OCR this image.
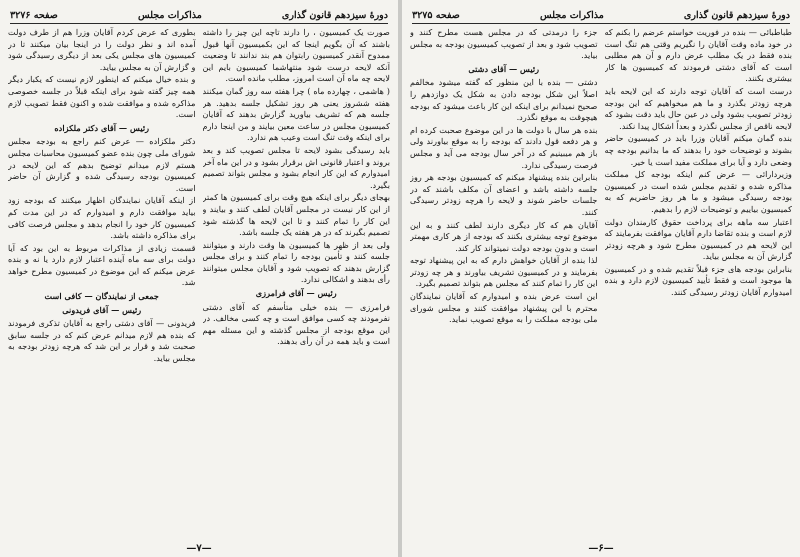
دورهٔ سیزدهم قانون گذاری
مذاکرات مجلس
صفحه ۳۲۷۶

صورت یک کمیسیون ، را دارند تاچه این چیز را داشته باشند که آن بگویم اینجا که این بکمیسیون آنها قبول ممدوح آنقدر کمیسیون رابتوان هم بند ندانند تا وضعیت آنکه لایحه درست شود منتهاشما کمیسیون بایم این لایحه چه ماه آن است امروز، مطلب مانده است.

( هاشمی ، چهارده ماه ) چرا هفته سه روز گمان میکنند هفته ششروز یعنی هر روز تشکیل جلسه بدهید. هر جلسه هم که تشریف بیاورید گزارش بدهند که آقایان کمیسیون مجلس در ساعت معین بیایند و من اینجا دارم برای اینکه وقت تنگ است وعیب هم ندارد.

باید رسیدگی بشود لایحه تا مجلس تصویب کند و بعد بروند و اعتبار قانونی اش برقرار بشود و در این ماه آخر امیدوارم که این کار انجام بشود و مجلس بتواند تصمیم بگیرد.

بهجای دیگر برای اینکه هیچ وقت برای کمیسیون ها کمتر از این کار نیست در مجلس آقایان لطف کنند و بیایند و این کار را تمام کنند و تا این لایحه ها گذشته شود تصمیم بگیرند که در هر هفته یک جلسه باشد.

ولی بعد از ظهر ها کمیسیون ها وقت دارند و میتوانند جلسه کنند و تأمین بودجه را تمام کنند و برای مجلس گزارش بدهند که تصویب شود و آقایان مجلس میتوانند رأی بدهند و اشکالی ندارد.

رئیس — آقای فرامرزی

فرامرزی — بنده خیلی متأسفم که آقای دشتی نفرمودند چه کسی موافق است و چه کسی مخالف. در این موقع بودجه از مجلس گذشته و این مسئله مهم است و باید همه در آن رأی بدهند.

بطوری که عرض کردم آقایان وزرا هم از طرف دولت آمده اند و نظر دولت را در اینجا بیان میکنند تا در کمیسیون های مجلس یکی بعد از دیگری رسیدگی شود و گزارش آن به مجلس بیاید.

و بنده خیال میکنم که اینطور لازم نیست که یکبار دیگر همه چیز گفته شود برای اینکه قبلاً در جلسه خصوصی مذاکره شده و موافقت شده و اکنون فقط تصویب لازم است.

رئیس — آقای دکتر ملکزاده

دکتر ملکزاده — عرض کنم راجع به بودجه مجلس شورای ملی چون بنده عضو کمیسیون محاسبات مجلس هستم لازم میدانم توضیح بدهم که این لایحه در کمیسیون بودجه رسیدگی شده و گزارش آن حاضر است.

از اینکه آقایان نمایندگان اظهار میکنند که بودجه زود بیاید موافقت دارم و امیدوارم که در این مدت کم کمیسیون کار خود را انجام بدهد و مجلس فرصت کافی برای مذاکره داشته باشد.

قسمت زیادی از مذاکرات مربوط به این بود که آیا دولت برای سه ماه آینده اعتبار لازم دارد یا نه و بنده عرض میکنم که این موضوع در کمیسیون مطرح خواهد شد.

جمعی از نمایندگان — کافی است
رئیس — آقای فریدونی

فریدونی — آقای دشتی راجع به آقایان تذکری فرمودند که بنده هم لازم میدانم عرض کنم که در جلسه سابق صحبت شد و قرار بر این شد که هرچه زودتر بودجه به مجلس بیاید.

—۷—
دورهٔ سیزدهم قانون گذاری
مذاکرات مجلس
صفحه ۳۲۷۵

طباطبائی — بنده در فوریت خواستم عرضم را بکنم که در خود ماده وقت آقایان را نگیریم وقتی هم تنگ است بنده فقط در یک مطلب عرض دارم و آن هم مطلبی است که آقای دشتی فرمودند که کمیسیون ها کار بیشتری بکنند.

درست است که آقایان توجه دارند که این لایحه باید هرچه زودتر بگذرد و ما هم میخواهیم که این بودجه زودتر تصویب بشود ولی در عین حال باید دقت بشود که لایحه ناقص از مجلس نگذرد و بعداً اشکال پیدا نکند.

بنده گمان میکنم آقایان وزرا باید در کمیسیون حاضر بشوند و توضیحات خود را بدهند که ما بدانیم بودجه چه وضعی دارد و آیا برای مملکت مفید است یا خیر.

وزیردارائی — عرض کنم اینکه بودجه کل مملکت مذاکره شده و تقدیم مجلس شده است در کمیسیون بودجه رسیدگی میشود و ما هر روز حاضریم که به کمیسیون بیاییم و توضیحات لازم را بدهیم.

اعتبار سه ماهه برای پرداخت حقوق کارمندان دولت لازم است و بنده تقاضا دارم آقایان موافقت بفرمایند که این لایحه هم در کمیسیون مطرح شود و هرچه زودتر گزارش آن به مجلس بیاید.

بنابراین بودجه های جزء قبلاً تقدیم شده و در کمیسیون ها موجود است و فقط تأیید کمیسیون لازم دارد و بنده امیدوارم آقایان زودتر رسیدگی کنند.

جزء را درمدتی که در مجلس هست مطرح کنند و تصویب شود و بعد از تصویب کمیسیون بودجه به مجلس بیاید.

رئیس — آقای دشتی

دشتی — بنده با این منظور که گفته میشود مخالفم اصلاً این شکل بودجه دادن به شکل یک دوازدهم را صحیح نمیدانم برای اینکه این کار باعث میشود که بودجه هیچوقت به موقع نگذرد.

بنده هر سال با دولت ها در این موضوع صحبت کرده ام و هر دفعه قول دادند که بودجه را به موقع بیاورند ولی باز هم میبینیم که در آخر سال بودجه می آید و مجلس فرصت رسیدگی ندارد.

بنابراین بنده پیشنهاد میکنم که کمیسیون بودجه هر روز جلسه داشته باشد و اعضای آن مکلف باشند که در جلسات حاضر شوند و لایحه را هرچه زودتر رسیدگی کنند.

آقایان هم که کار دیگری دارند لطف کنند و به این موضوع توجه بیشتری بکنند که بودجه از هر کاری مهمتر است و بدون بودجه دولت نمیتواند کار کند.

لذا بنده از آقایان خواهش دارم که به این پیشنهاد توجه بفرمایند و در کمیسیون تشریف بیاورند و هر چه زودتر این کار را تمام کنند که مجلس هم بتواند تصمیم بگیرد.

این است عرض بنده و امیدوارم که آقایان نمایندگان محترم با این پیشنهاد موافقت کنند و مجلس شورای ملی بودجه مملکت را به موقع تصویب نماید.

—۶—
